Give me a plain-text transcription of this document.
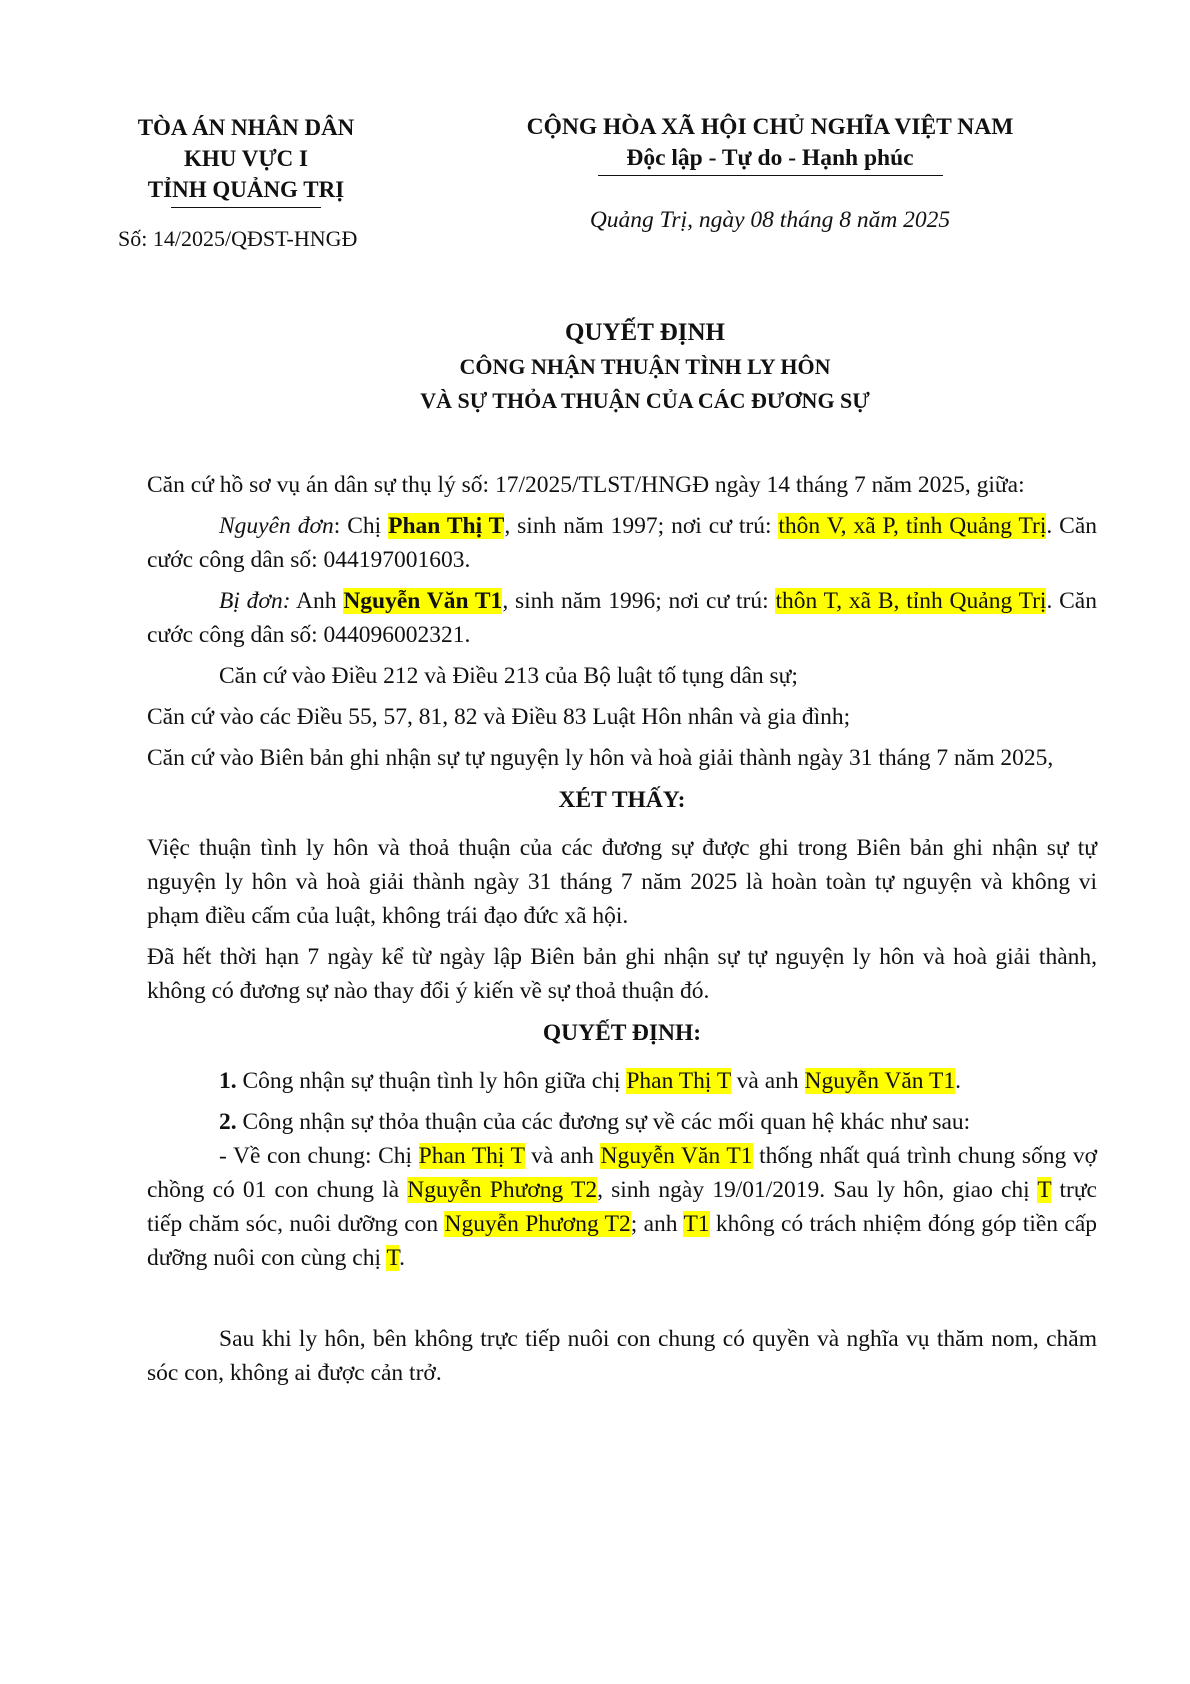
TÒA ÁN NHÂN DÂN
KHU VỰC I
TỈNH QUẢNG TRỊ
Số: 14/2025/QĐST-HNGĐ
CỘNG HÒA XÃ HỘI CHỦ NGHĨA VIỆT NAM
Độc lập - Tự do - Hạnh phúc
Quảng Trị, ngày 08 tháng 8 năm 2025
QUYẾT ĐỊNH
CÔNG NHẬN THUẬN TÌNH LY HÔN
VÀ SỰ THỎA THUẬN CỦA CÁC ĐƯƠNG SỰ

Căn cứ hồ sơ vụ án dân sự thụ lý số: 17/2025/TLST/HNGĐ ngày 14 tháng 7 năm 2025, giữa:

Nguyên đơn: Chị Phan Thị T, sinh năm 1997; nơi cư trú: thôn V, xã P, tỉnh Quảng Trị. Căn cước công dân số: 044197001603.

Bị đơn: Anh Nguyễn Văn T1, sinh năm 1996; nơi cư trú: thôn T, xã B, tỉnh Quảng Trị. Căn cước công dân số: 044096002321.

Căn cứ vào Điều 212 và Điều 213 của Bộ luật tố tụng dân sự;

Căn cứ vào các Điều 55, 57, 81, 82 và Điều 83 Luật Hôn nhân và gia đình;

Căn cứ vào Biên bản ghi nhận sự tự nguyện ly hôn và hoà giải thành ngày 31 tháng 7 năm 2025,

XÉT THẤY:

Việc thuận tình ly hôn và thoả thuận của các đương sự được ghi trong Biên bản ghi nhận sự tự nguyện ly hôn và hoà giải thành ngày 31 tháng 7 năm 2025 là hoàn toàn tự nguyện và không vi phạm điều cấm của luật, không trái đạo đức xã hội.

Đã hết thời hạn 7 ngày kể từ ngày lập Biên bản ghi nhận sự tự nguyện ly hôn và hoà giải thành, không có đương sự nào thay đổi ý kiến về sự thoả thuận đó.

QUYẾT ĐỊNH:

1. Công nhận sự thuận tình ly hôn giữa chị Phan Thị T và anh Nguyễn Văn T1.

2. Công nhận sự thỏa thuận của các đương sự về các mối quan hệ khác như sau:

- Về con chung: Chị Phan Thị T và anh Nguyễn Văn T1 thống nhất quá trình chung sống vợ chồng có 01 con chung là Nguyễn Phương T2, sinh ngày 19/01/2019. Sau ly hôn, giao chị T trực tiếp chăm sóc, nuôi dưỡng con Nguyễn Phương T2; anh T1 không có trách nhiệm đóng góp tiền cấp dưỡng nuôi con cùng chị T.

Sau khi ly hôn, bên không trực tiếp nuôi con chung có quyền và nghĩa vụ thăm nom, chăm sóc con, không ai được cản trở.
